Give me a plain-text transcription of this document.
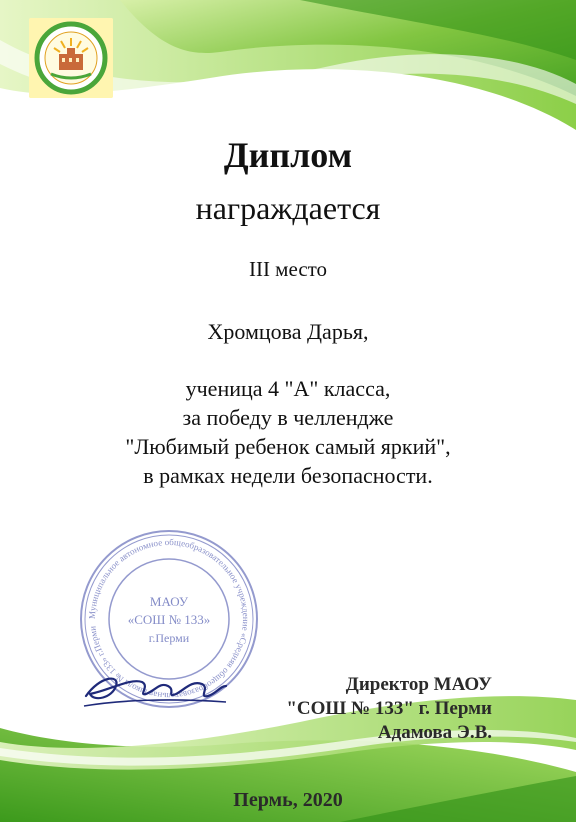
Диплом
награждается
III место
Хромцова Дарья,
ученица 4 "А" класса,
за победу в челлендже
"Любимый ребенок самый яркий",
в рамках недели безопасности.
Муниципальное автономное общеобразовательное учреждение «Средняя общеобразовательная школа № 133» г.Перми
МАОУ
«СОШ № 133»
г.Перми
Директор МАОУ
"СОШ № 133" г. Перми
Адамова Э.В.
Пермь, 2020
